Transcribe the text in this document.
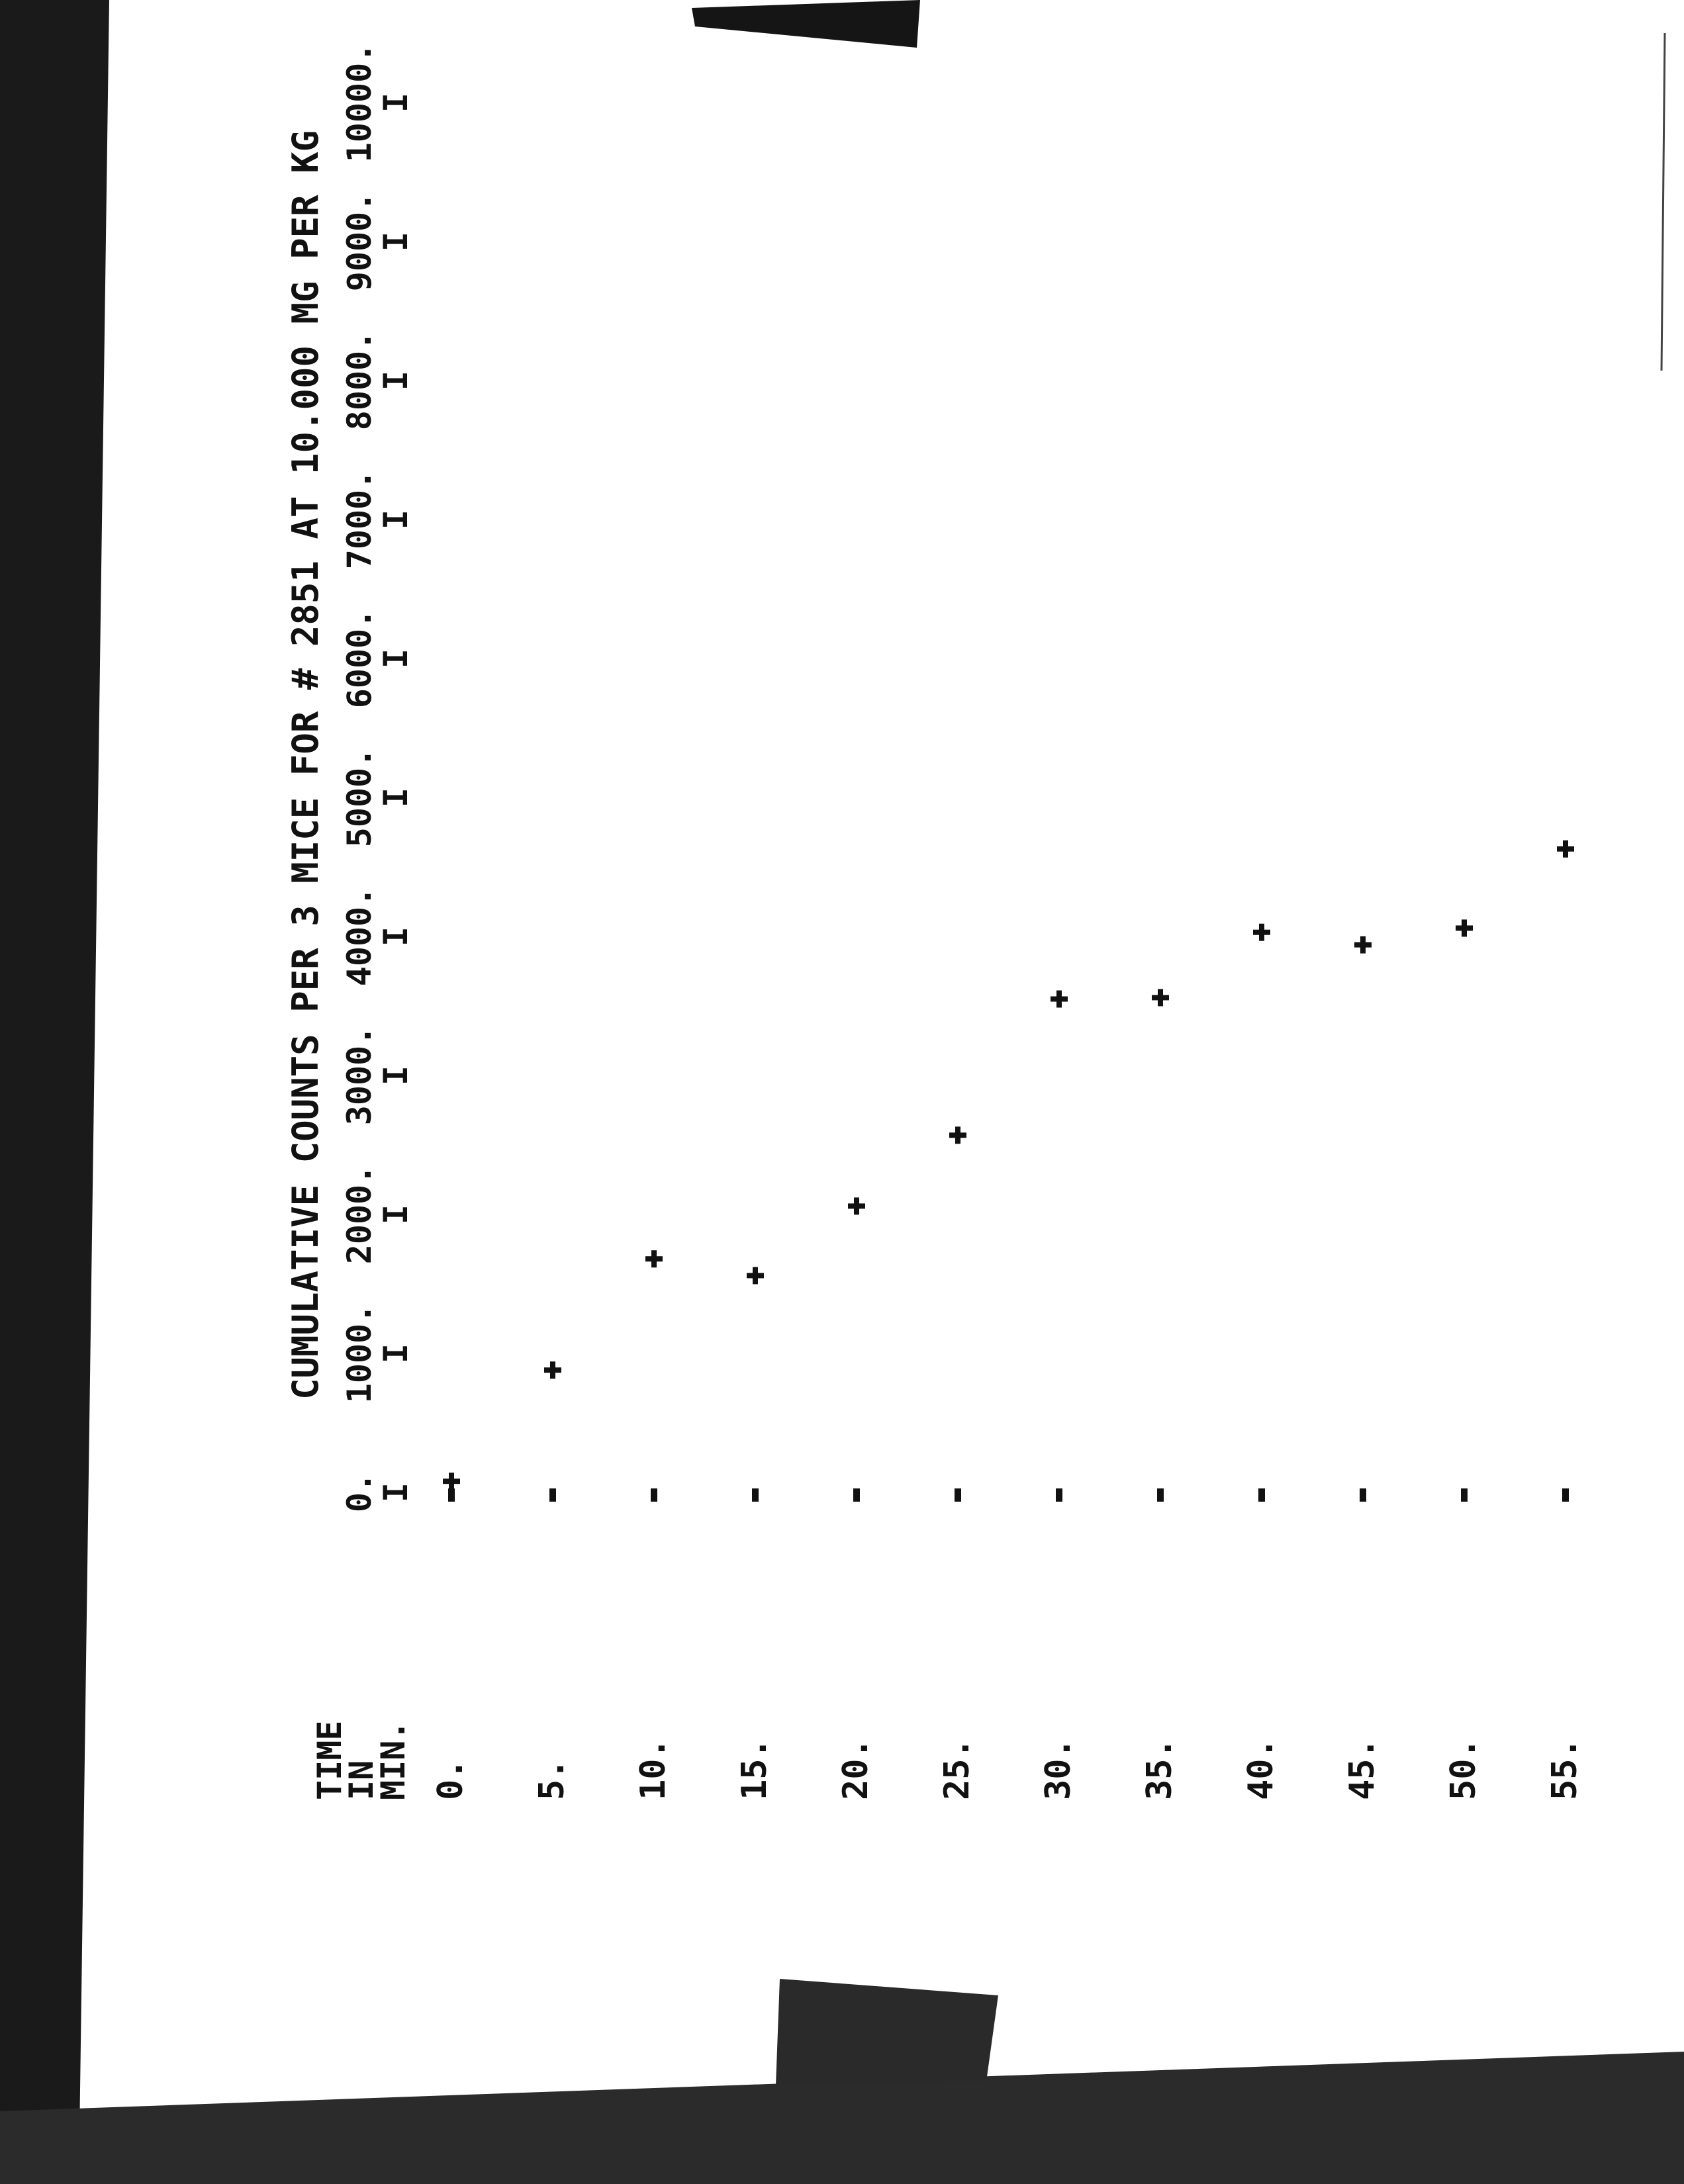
CUMULATIVE COUNTS PER 3 MICE FOR # 2851 AT 10.000 MG PER KG
TIME
IN
MIN.
0.
I
1000.
I
2000.
I
3000.
I
4000.
I
5000.
I
6000.
I
7000.
I
8000.
I
9000.
I
10000.
I
0. 5. 10. 15. 20. 25. 30. 35. 40. 45. 50. 55.
